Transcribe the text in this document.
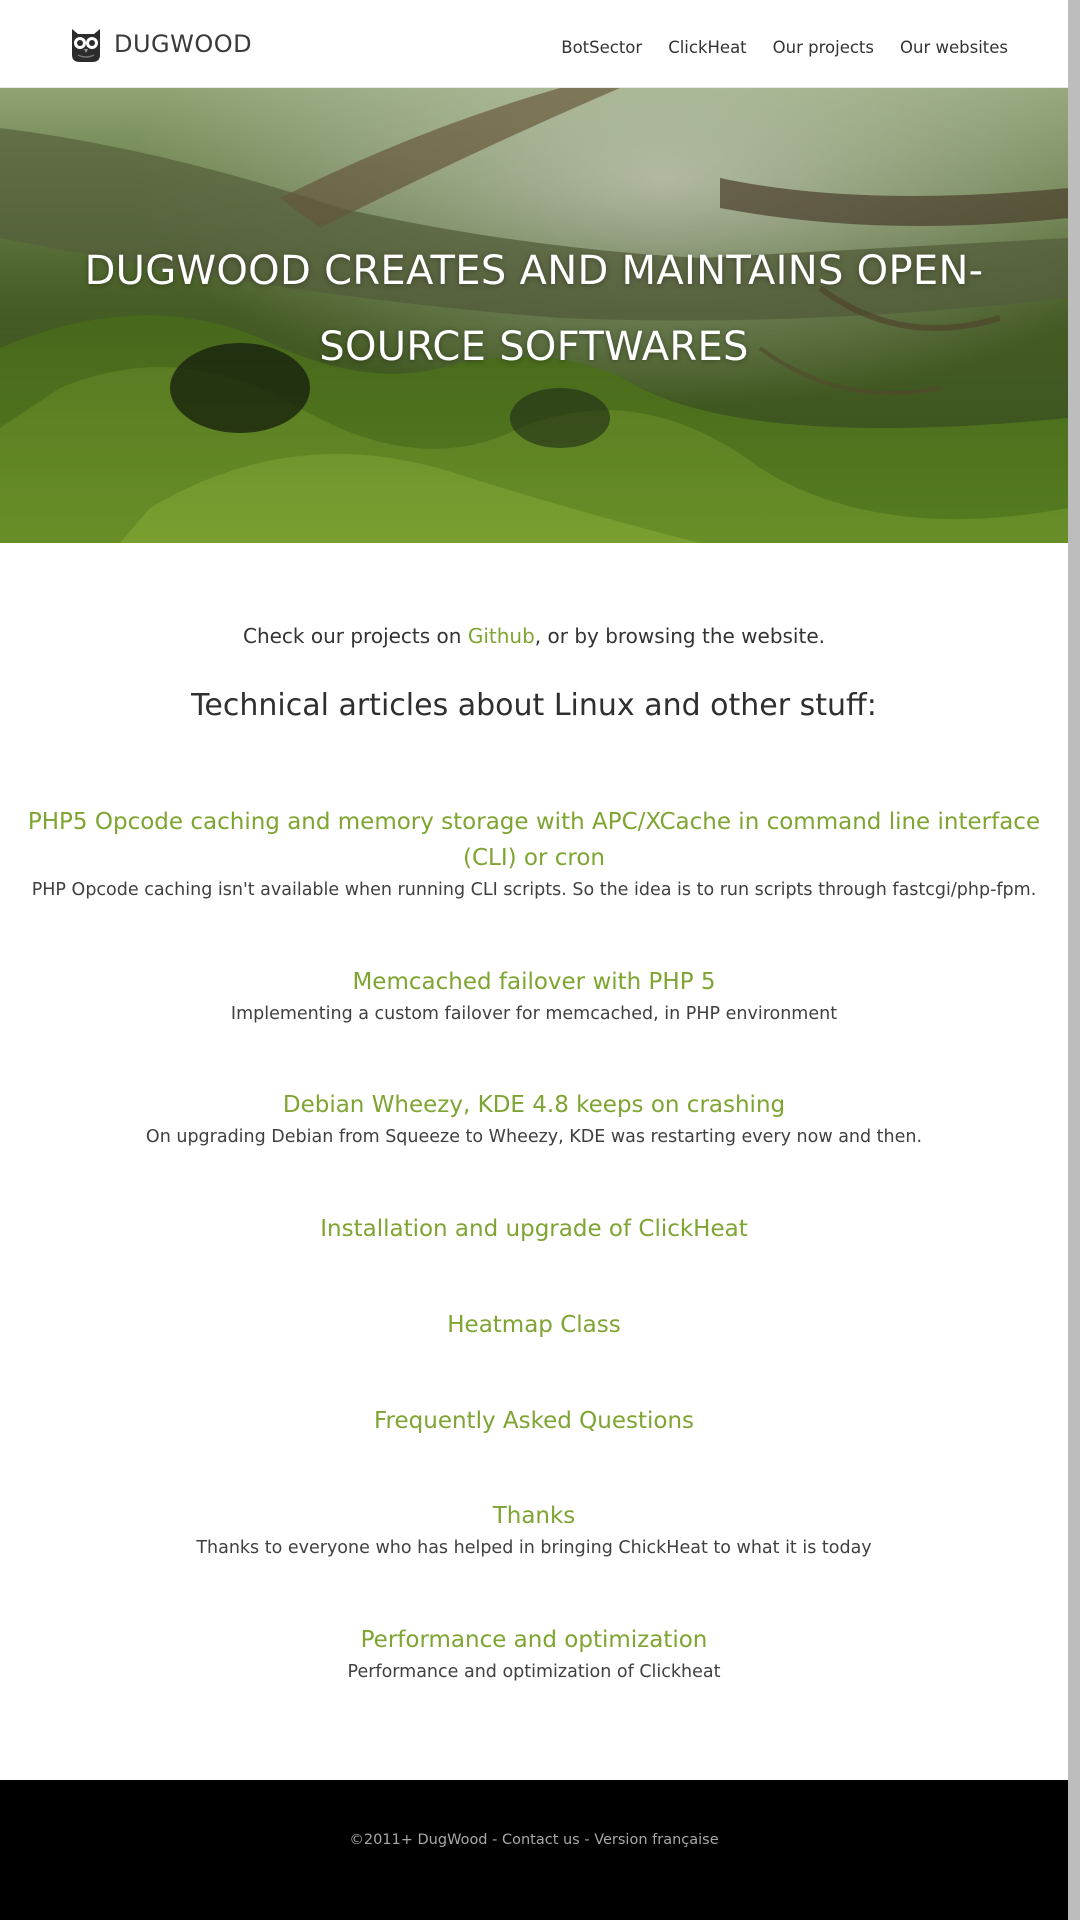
DUGWOOD	BotSector ClickHeat Our projects Our websites
DUGWOOD CREATES AND MAINTAINS OPEN-SOURCE SOFTWARES

Check our projects on Github, or by browsing the website.

Technical articles about Linux and other stuff:
PHP5 Opcode caching and memory storage with APC/XCache in command line interface (CLI) or cron
PHP Opcode caching isn't available when running CLI scripts. So the idea is to run scripts through fastcgi/php-fpm.
Memcached failover with PHP 5
Implementing a custom failover for memcached, in PHP environment
Debian Wheezy, KDE 4.8 keeps on crashing
On upgrading Debian from Squeeze to Wheezy, KDE was restarting every now and then.
Installation and upgrade of ClickHeat
Heatmap Class
Frequently Asked Questions
Thanks
Thanks to everyone who has helped in bringing ChickHeat to what it is today
Performance and optimization
Performance and optimization of Clickheat
©2011+ DugWood - Contact us - Version française
